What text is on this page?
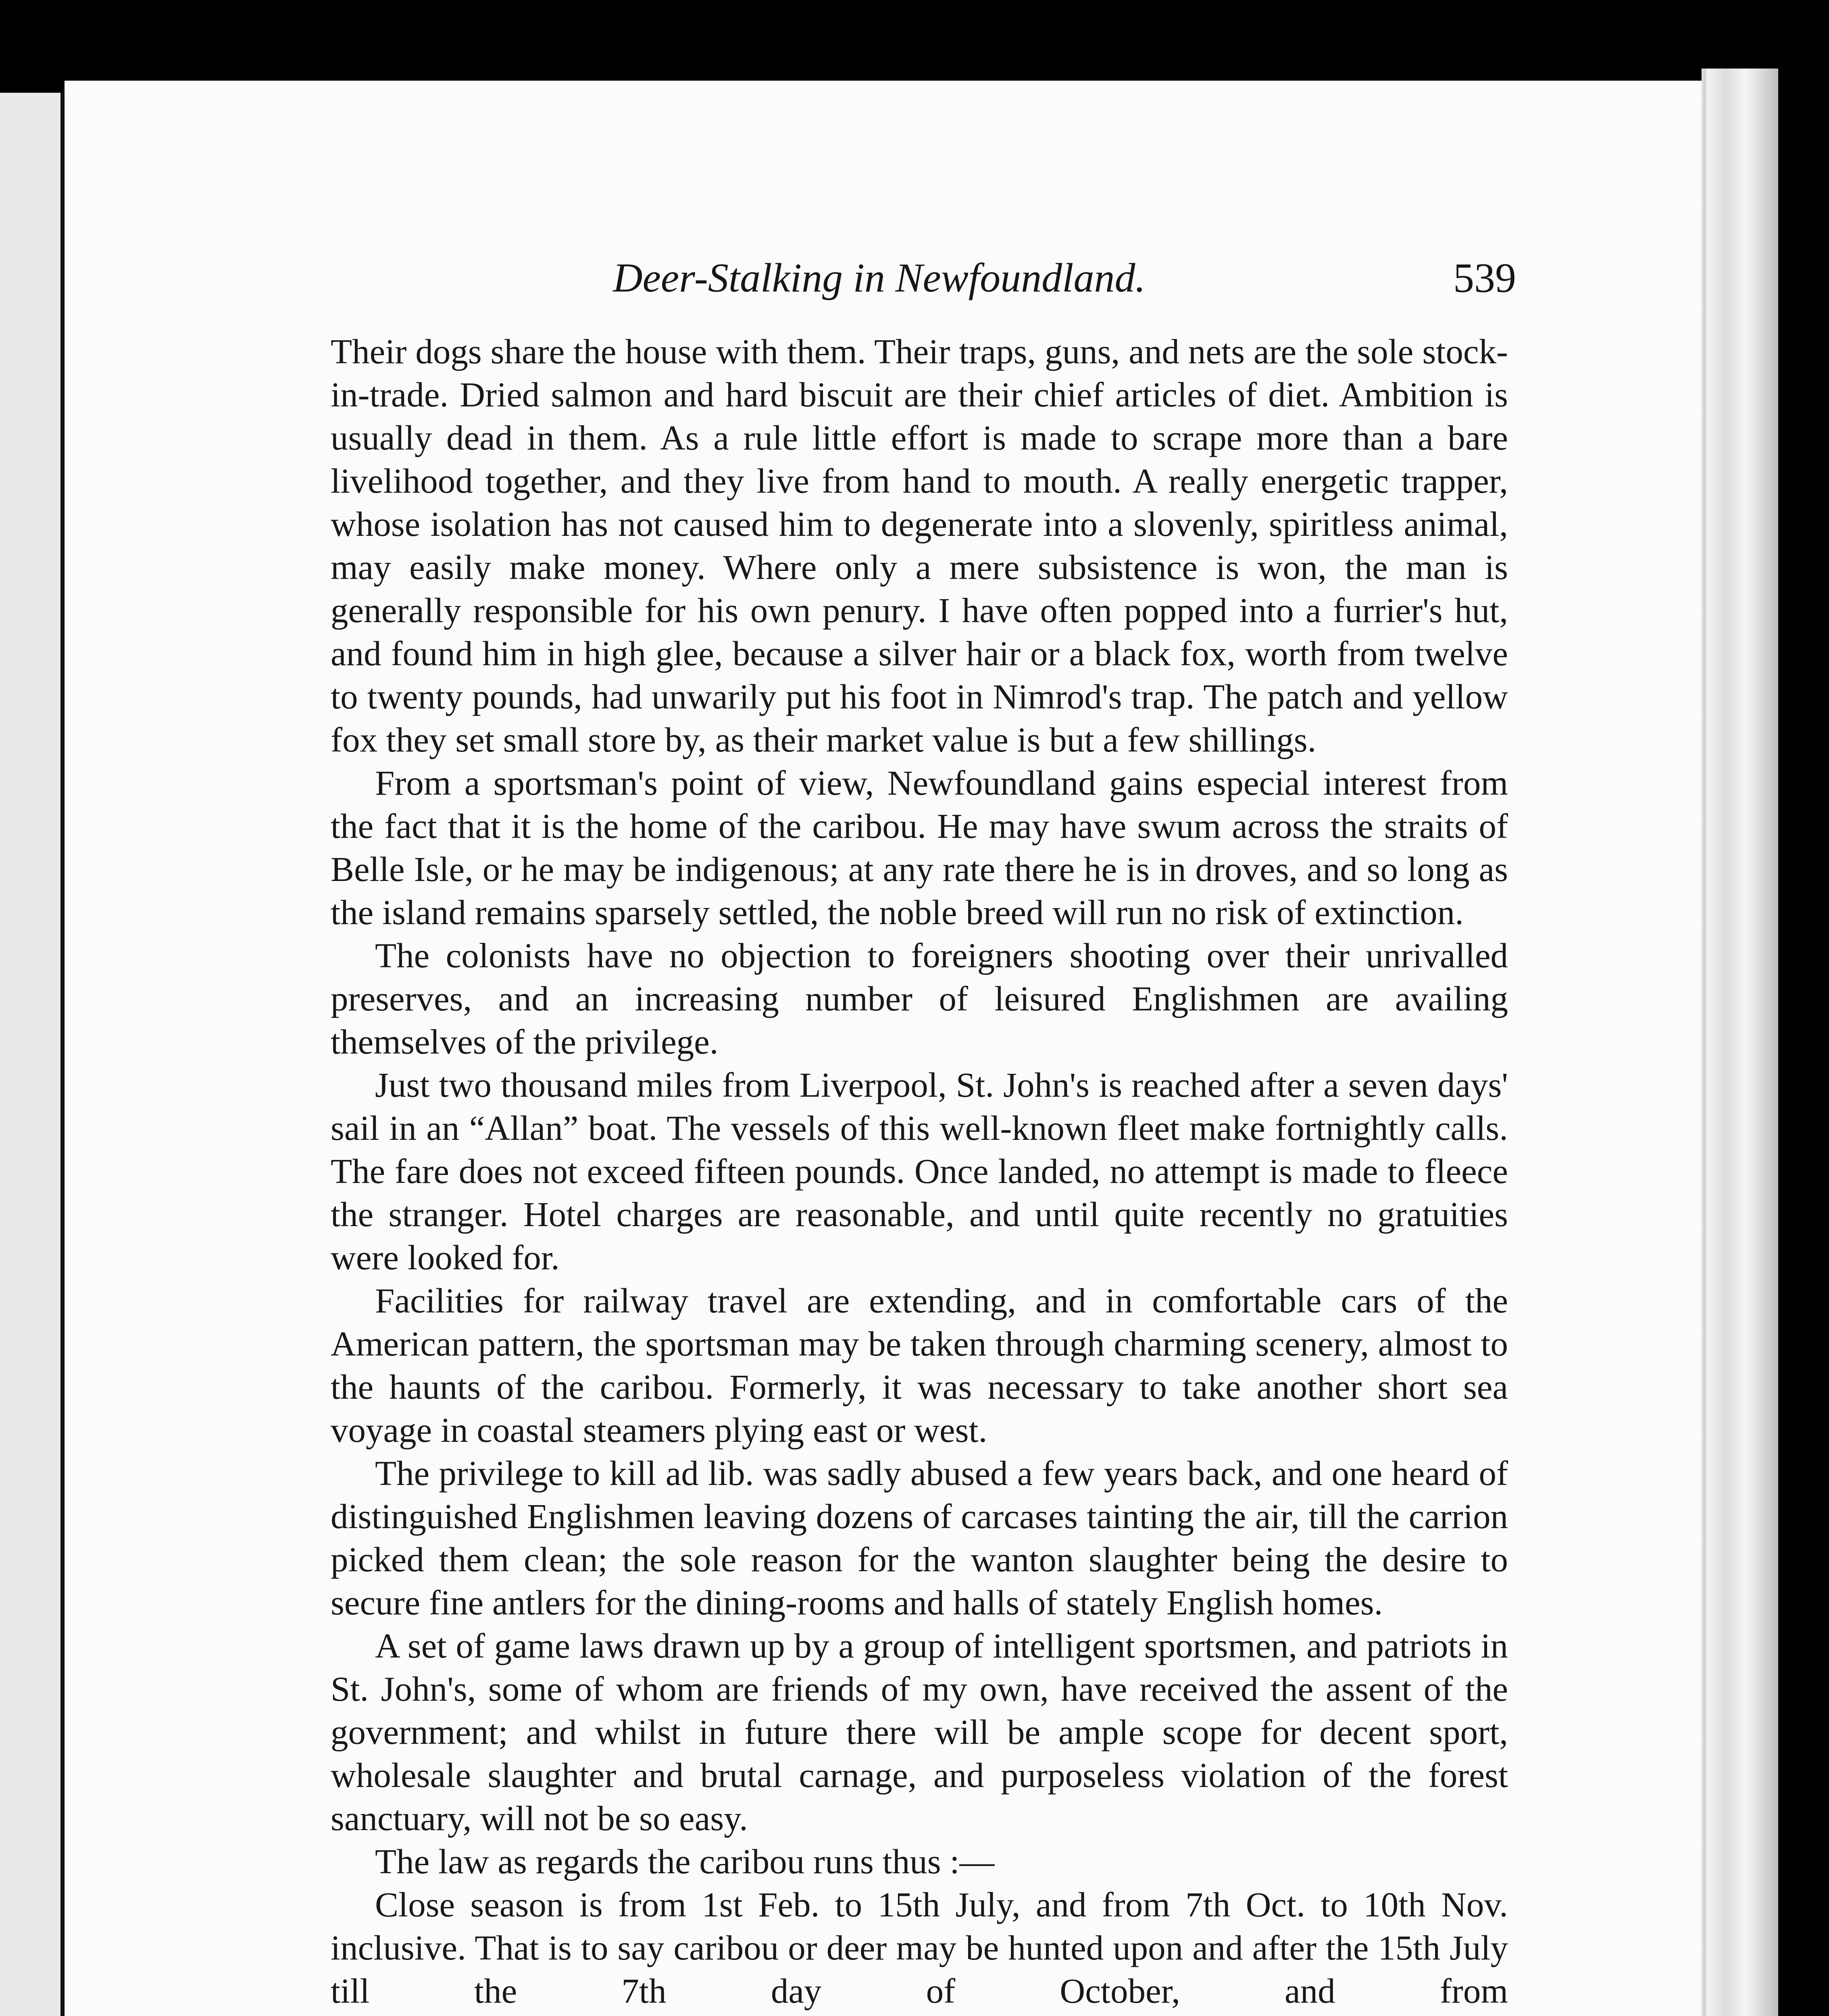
Deer-Stalking in Newfoundland.	539

Their dogs share the house with them. Their traps, guns, and nets are the sole stock-in-trade. Dried salmon and hard biscuit are their chief articles of diet. Ambition is usually dead in them. As a rule little effort is made to scrape more than a bare livelihood together, and they live from hand to mouth. A really energetic trapper, whose isolation has not caused him to degenerate into a slovenly, spiritless animal, may easily make money. Where only a mere subsistence is won, the man is generally responsible for his own penury. I have often popped into a furrier's hut, and found him in high glee, because a silver hair or a black fox, worth from twelve to twenty pounds, had unwarily put his foot in Nimrod's trap. The patch and yellow fox they set small store by, as their market value is but a few shillings.

From a sportsman's point of view, Newfoundland gains especial interest from the fact that it is the home of the caribou. He may have swum across the straits of Belle Isle, or he may be indigenous; at any rate there he is in droves, and so long as the island remains sparsely settled, the noble breed will run no risk of extinction.

The colonists have no objection to foreigners shooting over their unrivalled preserves, and an increasing number of leisured Englishmen are availing themselves of the privilege.

Just two thousand miles from Liverpool, St. John's is reached after a seven days' sail in an “Allan” boat. The vessels of this well-known fleet make fortnightly calls. The fare does not exceed fifteen pounds. Once landed, no attempt is made to fleece the stranger. Hotel charges are reasonable, and until quite recently no gratuities were looked for.

Facilities for railway travel are extending, and in comfortable cars of the American pattern, the sportsman may be taken through charming scenery, almost to the haunts of the caribou. Formerly, it was necessary to take another short sea voyage in coastal steamers plying east or west.

The privilege to kill ad lib. was sadly abused a few years back, and one heard of distinguished Englishmen leaving dozens of carcases tainting the air, till the carrion picked them clean; the sole reason for the wanton slaughter being the desire to secure fine antlers for the dining-rooms and halls of stately English homes.

A set of game laws drawn up by a group of intelligent sportsmen, and patriots in St. John's, some of whom are friends of my own, have received the assent of the government; and whilst in future there will be ample scope for decent sport, wholesale slaughter and brutal carnage, and purposeless violation of the forest sanctuary, will not be so easy.

The law as regards the caribou runs thus :—

Close season is from 1st Feb. to 15th July, and from 7th Oct. to 10th Nov. inclusive. That is to say caribou or deer may be hunted upon and after the 15th July till the 7th day of October, and from
